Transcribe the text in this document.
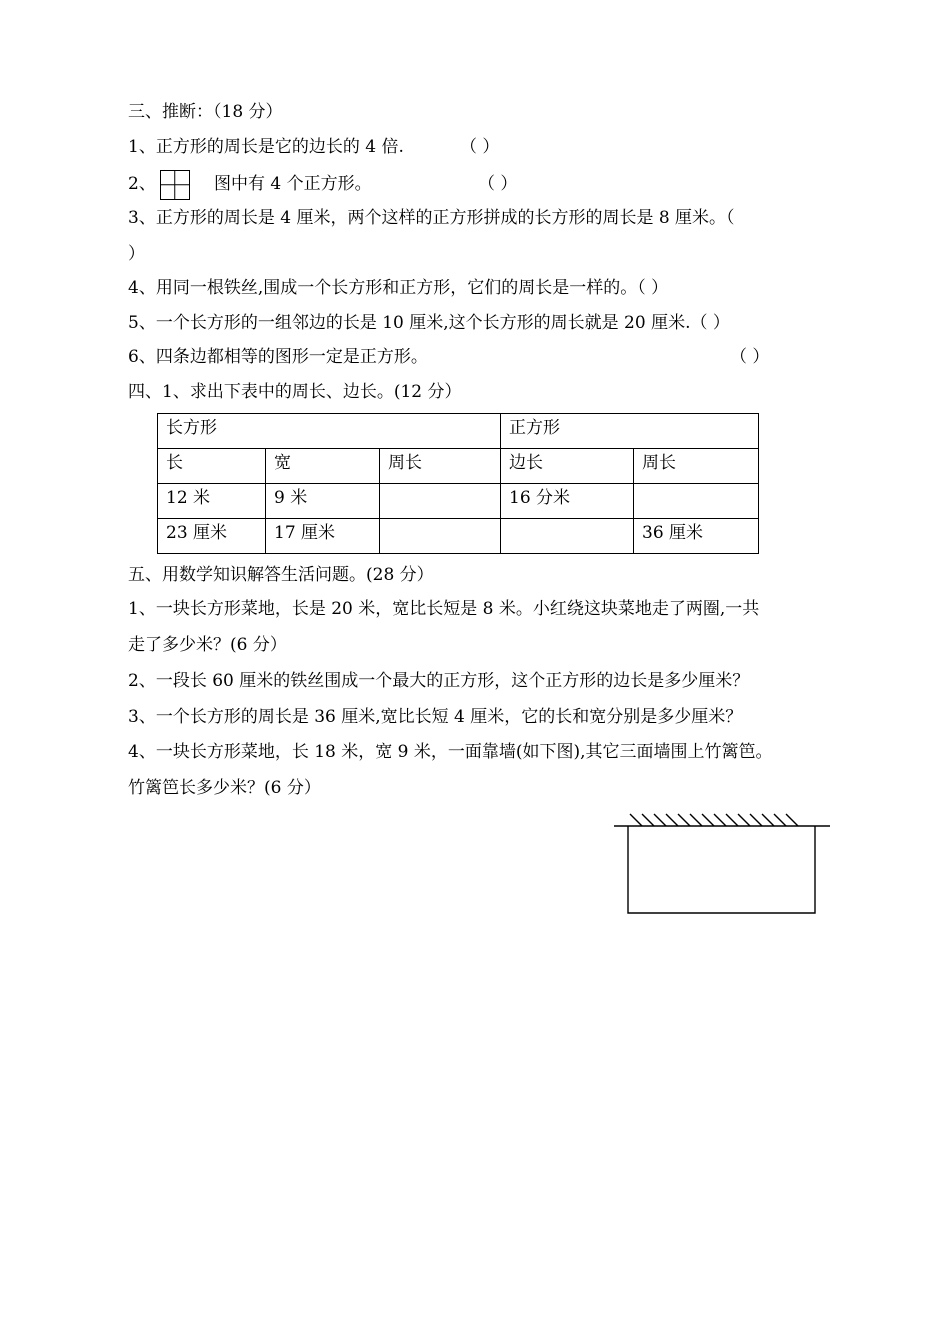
三、推断：（18 分）
1、正方形的周长是它的边长的 4 倍.	（ ）
2、	图中有 4 个正方形。	（ ）
3、正方形的周长是 4 厘米，两个这样的正方形拼成的长方形的周长是 8 厘米。（
）
4、用同一根铁丝,围成一个长方形和正方形，它们的周长是一样的。（ ）
5、一个长方形的一组邻边的长是 10 厘米,这个长方形的周长就是 20 厘米.（ ）
6、四条边都相等的图形一定是正方形。	（ ）
四、1、求出下表中的周长、边长。(12 分）
长方形			正方形	
长	宽	周长	边长	周长
12 米	9 米		16 分米	
23 厘米	17 厘米			36 厘米
五、用数学知识解答生活问题。(28 分）
1、一块长方形菜地，长是 20 米，宽比长短是 8 米。小红绕这块菜地走了两圈,一共
走了多少米？(6 分）
2、一段长 60 厘米的铁丝围成一个最大的正方形，这个正方形的边长是多少厘米？
3、一个长方形的周长是 36 厘米,宽比长短 4 厘米，它的长和宽分别是多少厘米？
4、一块长方形菜地，长 18 米，宽 9 米，一面靠墙(如下图),其它三面墙围上竹篱笆。
竹篱笆长多少米？(6 分）
